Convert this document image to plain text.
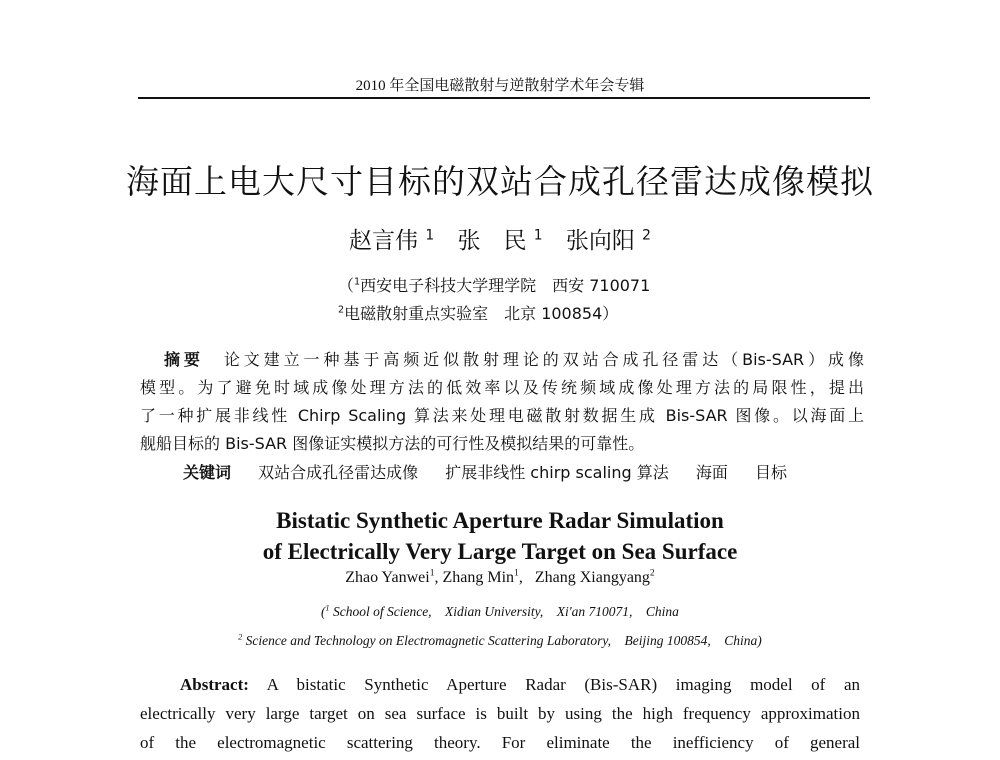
2010 年全国电磁散射与逆散射学术年会专辑
海面上电大尺寸目标的双站合成孔径雷达成像模拟
赵言伟 $^1$ 张　民 $^1$ 张向阳 $^2$
（$^1$西安电子科技大学理学院　西安 710071
$^2$电磁散射重点实验室　北京 100854）
摘要　 论文建立一种基于高频近似散射理论的双站合成孔径雷达（Bis-SAR）成像
模型。为了避免时域成像处理方法的低效率以及传统频域成像处理方法的局限性，提出
了一种扩展非线性 Chirp Scaling 算法来处理电磁散射数据生成 Bis-SAR 图像。以海面上
舰船目标的 Bis-SAR 图像证实模拟方法的可行性及模拟结果的可靠性。
关键词 双站合成孔径雷达成像 扩展非线性 chirp scaling 算法 海面 目标
Bistatic Synthetic Aperture Radar Simulation
of Electrically Very Large Target on Sea Surface
Zhao Yanwei$^1$, Zhang Min$^1$, Zhang Xiangyang$^2$
($^1$ School of Science,　Xidian University,　Xi'an 710071,　China
$^2$ Science and Technology on Electromagnetic Scattering Laboratory,　Beijing 100854,　China)
Abstract: A bistatic Synthetic Aperture Radar (Bis-SAR) imaging model of an
electrically very large target on sea surface is built by using the high frequency approximation
of the electromagnetic scattering theory. For eliminate the inefficiency of general
